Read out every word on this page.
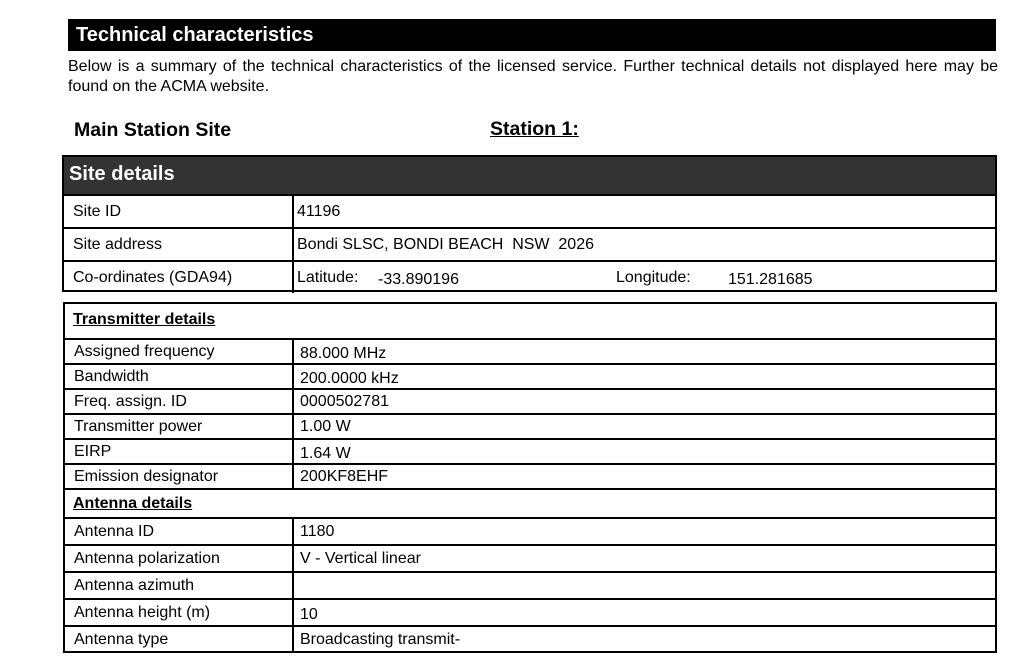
Technical characteristics
Below is a summary of the technical characteristics of the licensed service. Further technical details not displayed here may be found on the ACMA website.
Main Station Site	Station 1:
Site details
Site ID	41196
Site address	Bondi SLSC, BONDI BEACH  NSW  2026
Co-ordinates (GDA94)	Latitude: -33.890196	Longitude: 151.281685
Transmitter details
Assigned frequency	88.000 MHz
Bandwidth	200.0000 kHz
Freq. assign. ID	0000502781
Transmitter power	1.00 W
EIRP	1.64 W
Emission designator	200KF8EHF
Antenna details
Antenna ID	1180
Antenna polarization	V - Vertical linear
Antenna azimuth
Antenna height (m)	10
Antenna type	Broadcasting transmit-
